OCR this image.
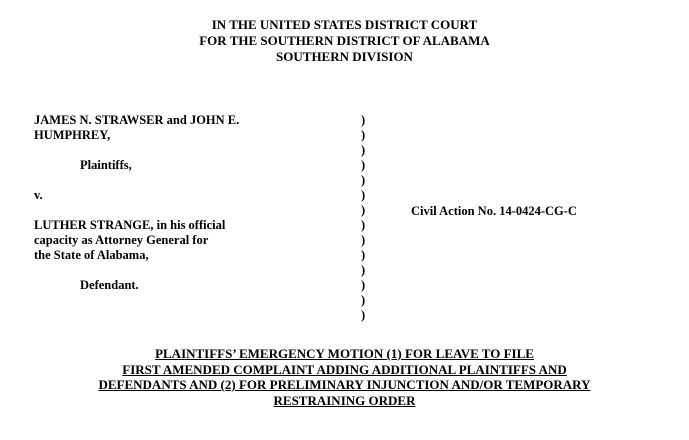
IN THE UNITED STATES DISTRICT COURT
FOR THE SOUTHERN DISTRICT OF ALABAMA
SOUTHERN DIVISION
JAMES N. STRAWSER and JOHN E.
HUMPHREY,
Plaintiffs,
v.
LUTHER STRANGE, in his official
capacity as Attorney General for
the State of Alabama,
Defendant.
)
)
)
)
)
)
)
)
)
)
)
)
)
)
Civil Action No. 14-0424-CG-C
PLAINTIFFS’ EMERGENCY MOTION (1) FOR LEAVE TO FILE
FIRST AMENDED COMPLAINT ADDING ADDITIONAL PLAINTIFFS AND
DEFENDANTS AND (2) FOR PRELIMINARY INJUNCTION AND/OR TEMPORARY
RESTRAINING ORDER
